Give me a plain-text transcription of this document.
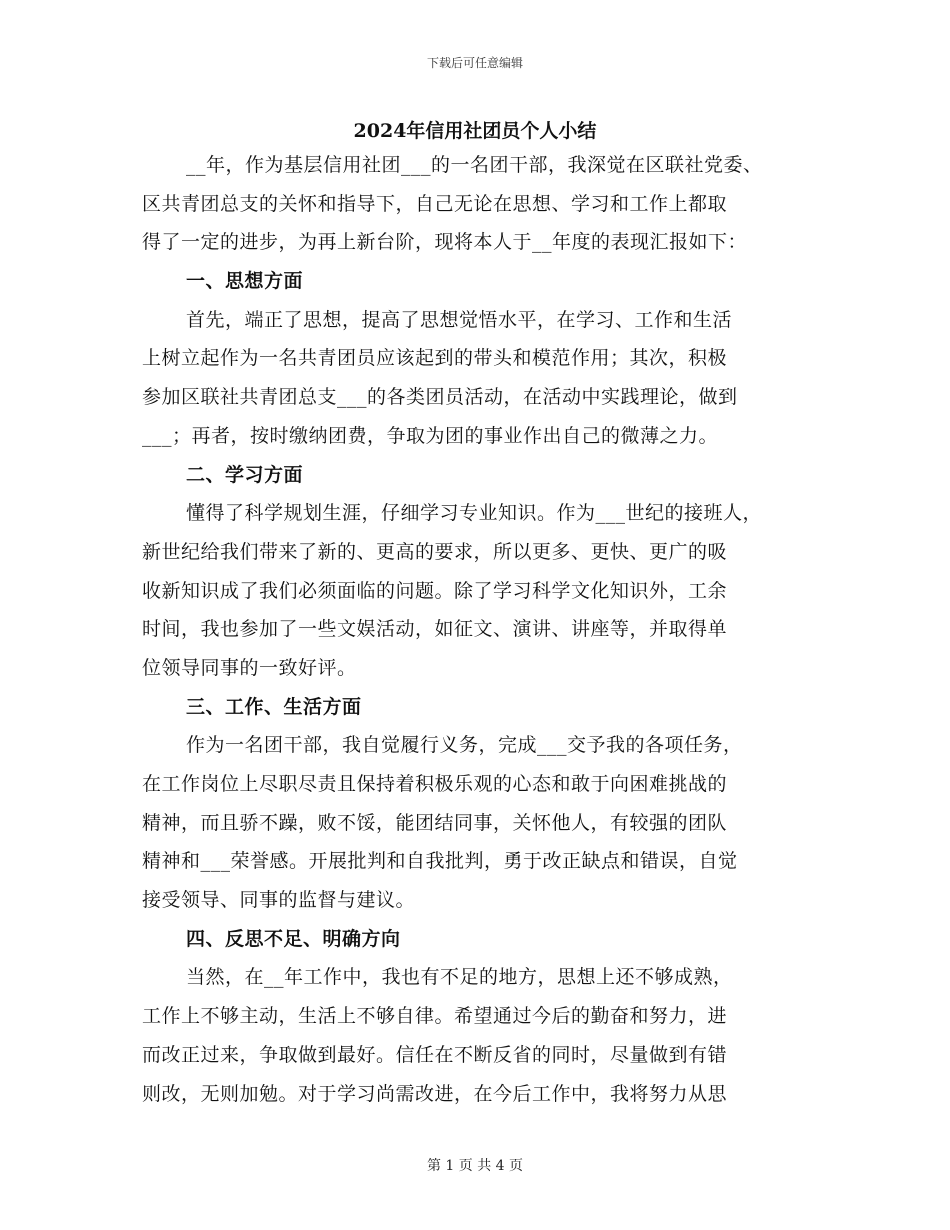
下载后可任意编辑
2024年信用社团员个人小结
__年，作为基层信用社团___的一名团干部，我深觉在区联社党委、
区共青团总支的关怀和指导下，自己无论在思想、学习和工作上都取
得了一定的进步，为再上新台阶，现将本人于__年度的表现汇报如下：
一、思想方面
首先，端正了思想，提高了思想觉悟水平，在学习、工作和生活
上树立起作为一名共青团员应该起到的带头和模范作用；其次，积极
参加区联社共青团总支___的各类团员活动，在活动中实践理论，做到
___；再者，按时缴纳团费，争取为团的事业作出自己的微薄之力。
二、学习方面
懂得了科学规划生涯，仔细学习专业知识。作为___世纪的接班人，
新世纪给我们带来了新的、更高的要求，所以更多、更快、更广的吸
收新知识成了我们必须面临的问题。除了学习科学文化知识外，工余
时间，我也参加了一些文娱活动，如征文、演讲、讲座等，并取得单
位领导同事的一致好评。
三、工作、生活方面
作为一名团干部，我自觉履行义务，完成___交予我的各项任务，
在工作岗位上尽职尽责且保持着积极乐观的心态和敢于向困难挑战的
精神，而且骄不躁，败不馁，能团结同事，关怀他人，有较强的团队
精神和___荣誉感。开展批判和自我批判，勇于改正缺点和错误，自觉
接受领导、同事的监督与建议。
四、反思不足、明确方向
当然，在__年工作中，我也有不足的地方，思想上还不够成熟，
工作上不够主动，生活上不够自律。希望通过今后的勤奋和努力，进
而改正过来，争取做到最好。信任在不断反省的同时，尽量做到有错
则改，无则加勉。对于学习尚需改进，在今后工作中，我将努力从思
第 1 页 共 4 页
